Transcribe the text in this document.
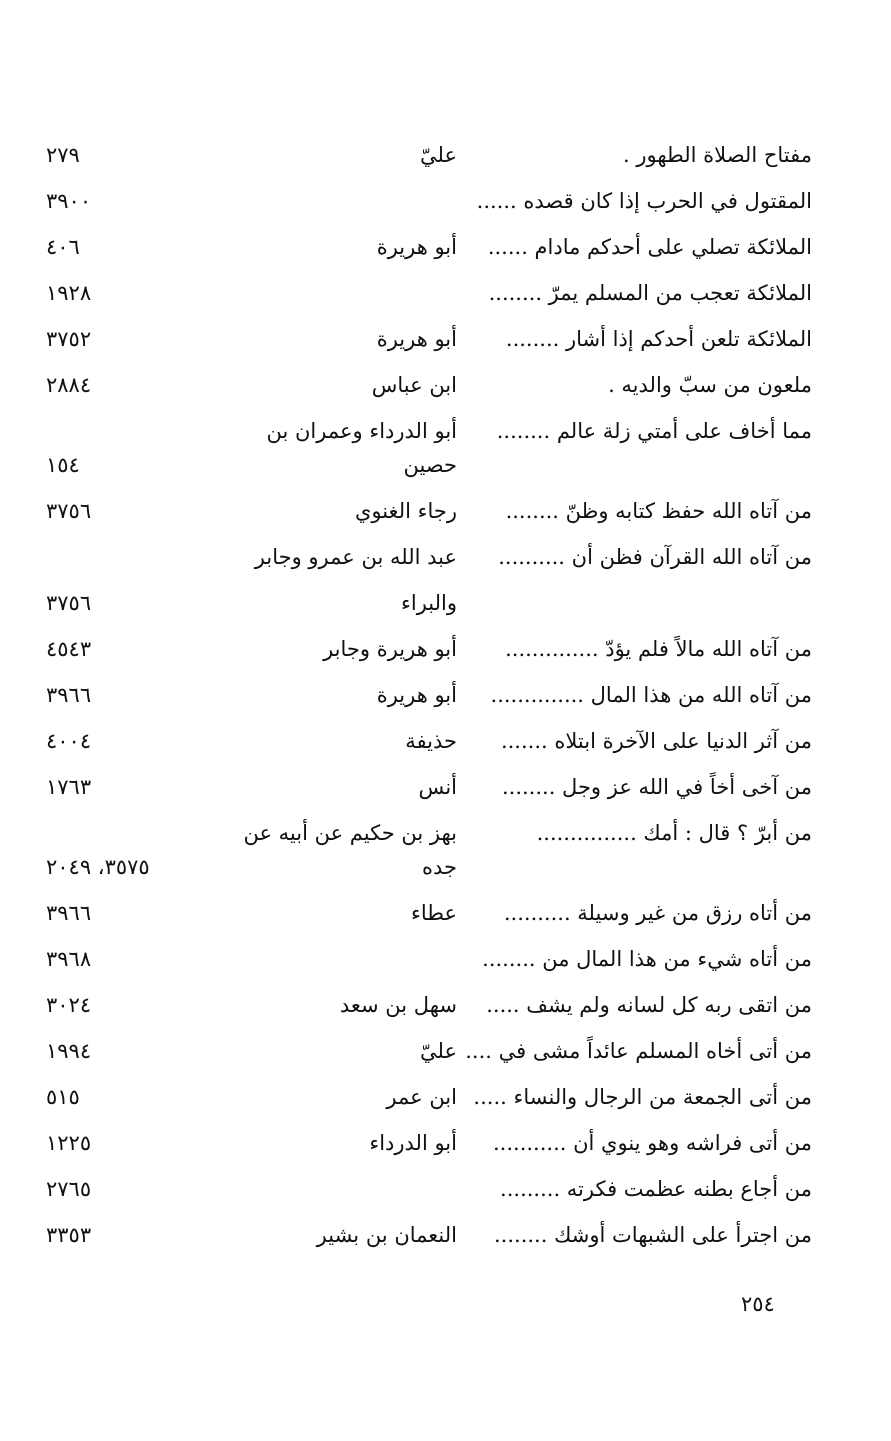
مفتاح الصلاة الطهور .
عليّ
٢٧٩
المقتول في الحرب إذا كان قصده ......
٣٩٠٠
الملائكة تصلي على أحدكم مادام ......
أبو هريرة
٤٠٦
الملائكة تعجب من المسلم يمرّ ........
١٩٢٨
الملائكة تلعن أحدكم إذا أشار ........
أبو هريرة
٣٧٥٢
ملعون من سبّ والديه .
ابن عباس
٢٨٨٤
مما أخاف على أمتي زلة عالم ........
أبو الدرداء وعمران بن حصين
١٥٤
من آتاه الله حفظ كتابه وظنّ ........
رجاء الغنوي
٣٧٥٦
من آتاه الله القرآن فظن أن ..........
عبد الله بن عمرو وجابر
والبراء
٣٧٥٦
من آتاه الله مالاً فلم يؤدّ ..............
أبو هريرة وجابر
٤٥٤٣
من آتاه الله من هذا المال ..............
أبو هريرة
٣٩٦٦
من آثر الدنيا على الآخرة ابتلاه .......
حذيفة
٤٠٠٤
من آخى أخاً في الله عز وجل ........
أنس
١٧٦٣
من أبرّ ؟ قال : أمك ...............
بهز بن حكيم عن أبيه عن جده
٣٥٧٥، ٢٠٤٩
من أتاه رزق من غير وسيلة ..........
عطاء
٣٩٦٦
من أتاه شيء من هذا المال من ........
٣٩٦٨
من اتقى ربه كل لسانه ولم يشف .....
سهل بن سعد
٣٠٢٤
من أتى أخاه المسلم عائداً مشى في ....
عليّ
١٩٩٤
من أتى الجمعة من الرجال والنساء .....
ابن عمر
٥١٥
من أتى فراشه وهو ينوي أن ...........
أبو الدرداء
١٢٢٥
من أجاع بطنه عظمت فكرته .........
٢٧٦٥
من اجترأ على الشبهات أوشك ........
النعمان بن بشير
٣٣٥٣
٢٥٤
